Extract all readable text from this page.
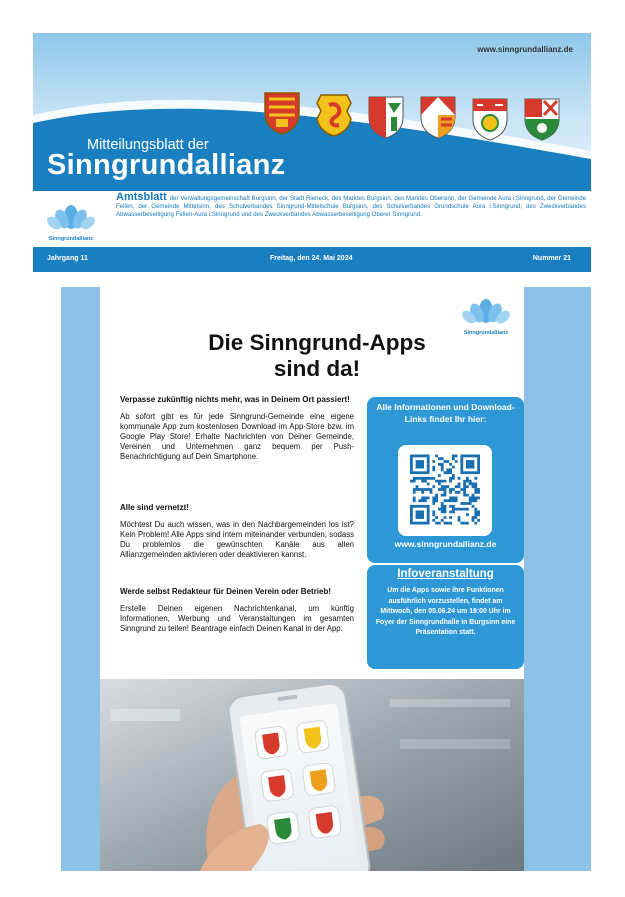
www.sinngrundallianz.de
Mitteilungsblatt der
Sinngrundallianz
Sinngrundallianz
Amtsblatt der Verwaltungsgemeinschaft Burgsinn, der Stadt Rieneck, des Marktes Burgsinn, des Marktes Obersinn, der Gemeinde Aura i.Sinngrund, der Gemeinde Fellen, der Gemeinde Mittelsinn, des Schulverbandes Sinngrund-Mittelschule Burgsinn, des Schulverbandes Grundschule Aura i.Sinngrund, des Zweckverbandes Abwasserbeseitigung Fellen-Aura i.Sinngrund und des Zweckverbandes Abwasserbeseitigung Oberer Sinngrund.
Jahrgang 11	Freitag, den 24. Mai 2024	Nummer 21
Sinngrundallianz
Die Sinngrund-Apps
sind da!
Verpasse zukünftig nichts mehr, was in Deinem Ort passiert!

Ab sofort gibt es für jede Sinngrund-Gemeinde eine eigene kommunale App zum kostenlosen Download im App-Store bzw. im Google Play Store! Erhalte Nachrichten von Deiner Gemeinde, Vereinen und Unternehmen ganz bequem per Push-Benachrichtigung auf Dein Smartphone.

Alle sind vernetzt!

Möchtest Du auch wissen, was in den Nachbargemeinden los ist? Kein Problem! Alle Apps sind intern miteinander verbunden, sodass Du problemlos die gewünschten Kanäle aus allen Allianzgemeinden aktivieren oder deaktivieren kannst.

Werde selbst Redakteur für Deinen Verein oder Betrieb!

Erstelle Deinen eigenen Nachrichtenkanal, um künftig Informationen, Werbung und Veranstaltungen im gesamten Sinngrund zu teilen! Beantrage einfach Deinen Kanal in der App.

Alle Informationen und Download-Links findet Ihr hier:
www.sinngrundallianz.de
Infoveranstaltung
Um die Apps sowie ihre Funktionen ausführlich vorzustellen, findet am Mittwoch, den 05.06.24 um 19:00 Uhr im Foyer der Sinngrundhalle in Burgsinn eine Präsentation statt.
